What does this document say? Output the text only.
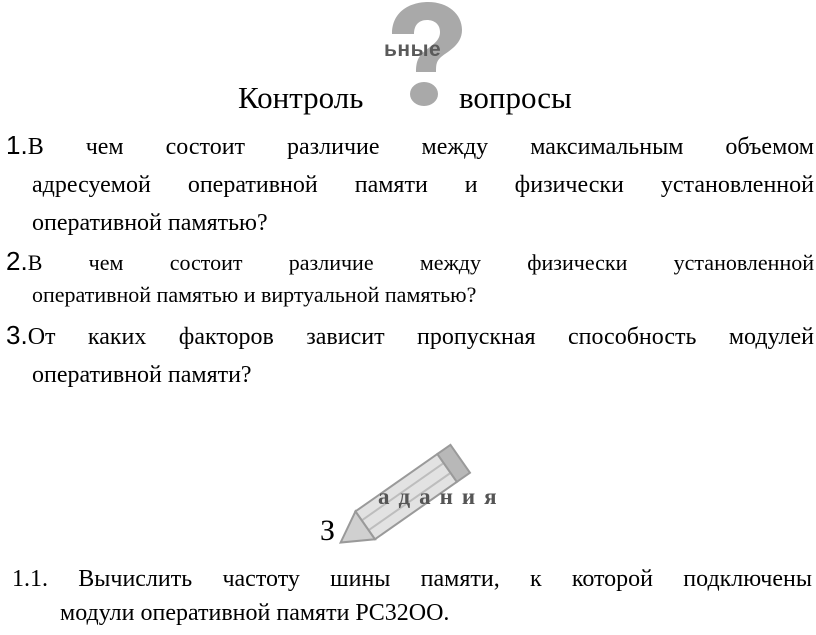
ьные
Контроль	вопросы
1.В чем состоит различие между максимальным объемом
адресуемой оперативной памяти и физически установленной
оперативной памятью?
2.В чем состоит различие между физически установленной
оперативной памятью и виртуальной памятью?
3.От каких факторов зависит пропускная способность модулей
оперативной памяти?
адания
З
1.1. Вычислить частоту шины памяти, к которой подключены
модули оперативной памяти PC32OO.
